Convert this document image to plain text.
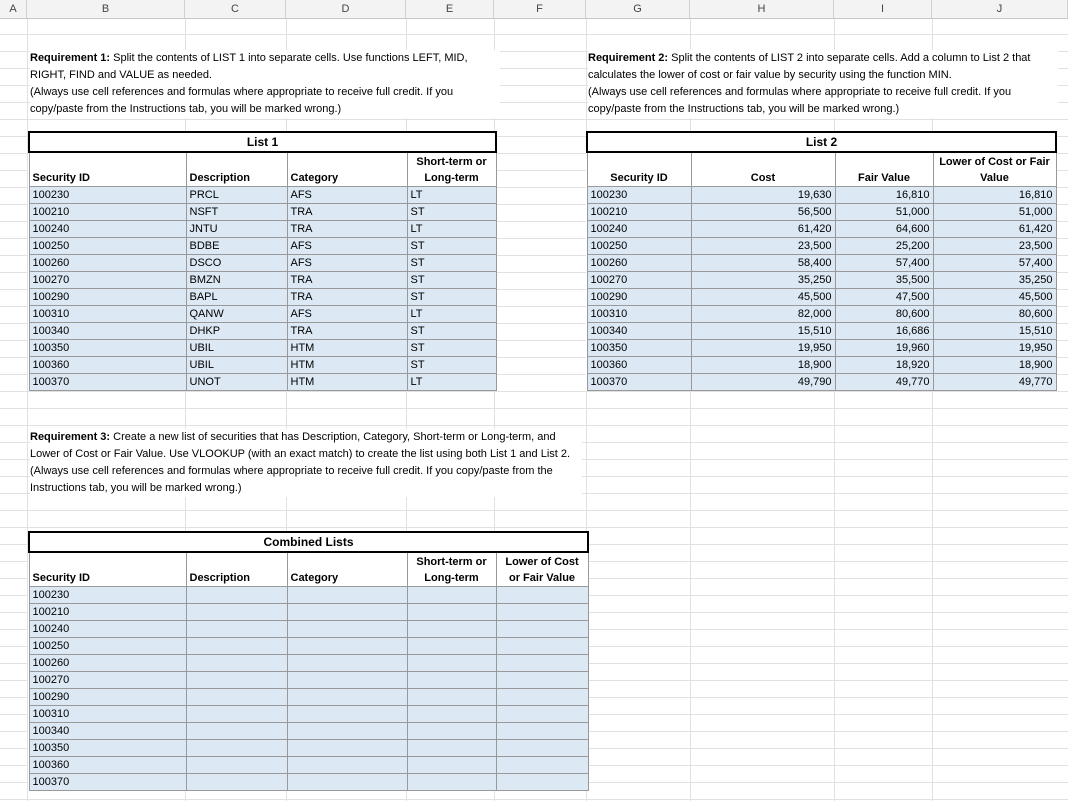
A	B	C	D	E	F	G	H	I	J

Requirement 1: Split the contents of LIST 1 into separate cells. Use functions LEFT, MID, RIGHT, FIND and VALUE as needed.

(Always use cell references and formulas where appropriate to receive full credit. If you copy/paste from the Instructions tab, you will be marked wrong.)

Requirement 2: Split the contents of LIST 2 into separate cells. Add a column to List 2 that calculates the lower of cost or fair value by security using the function MIN.

(Always use cell references and formulas where appropriate to receive full credit. If you copy/paste from the Instructions tab, you will be marked wrong.)

Requirement 3: Create a new list of securities that has Description, Category, Short-term or Long-term, and Lower of Cost or Fair Value. Use VLOOKUP (with an exact match) to create the list using both List 1 and List 2.

(Always use cell references and formulas where appropriate to receive full credit. If you copy/paste from the Instructions tab, you will be marked wrong.)

List 1			
Security ID	Description	Category	Short-term or
Long-term
100230	PRCL	AFS	LT
100210	NSFT	TRA	ST
100240	JNTU	TRA	LT
100250	BDBE	AFS	ST
100260	DSCO	AFS	ST
100270	BMZN	TRA	ST
100290	BAPL	TRA	ST
100310	QANW	AFS	LT
100340	DHKP	TRA	ST
100350	UBIL	HTM	ST
100360	UBIL	HTM	ST
100370	UNOT	HTM	LT
List 2			
Security ID	Cost	Fair Value	Lower of Cost or Fair
Value
100230	19,630	16,810	16,810
100210	56,500	51,000	51,000
100240	61,420	64,600	61,420
100250	23,500	25,200	23,500
100260	58,400	57,400	57,400
100270	35,250	35,500	35,250
100290	45,500	47,500	45,500
100310	82,000	80,600	80,600
100340	15,510	16,686	15,510
100350	19,950	19,960	19,950
100360	18,900	18,920	18,900
100370	49,790	49,770	49,770
Combined Lists				
Security ID	Description	Category	Short-term or
Long-term	Lower of Cost
or Fair Value
100230				
100210				
100240				
100250				
100260				
100270				
100290				
100310				
100340				
100350				
100360				
100370				
